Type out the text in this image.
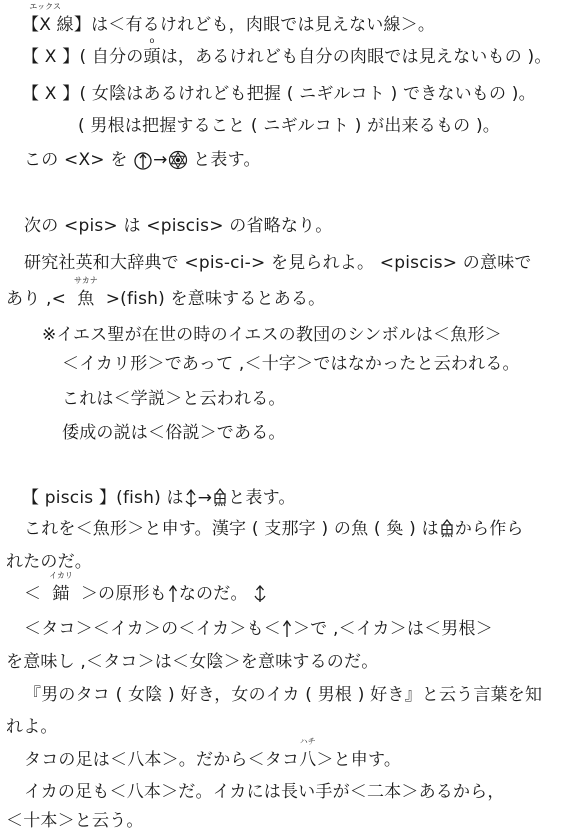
【X
エックス
線】は＜有るけれども，肉眼では見えない線＞。
【 X 】( 自分の頭
o
は，あるけれども自分の肉眼では見えないもの )。
【 X 】( 女陰はあるけれども把握 ( ニギルコト ) できないもの )。
( 男根は把握すること ( ニギルコト ) が出来るもの )。
この <X> を → と表す。
次の <pis> は <piscis> の省略なり。
研究社英和大辞典で <pis-ci-> を見られよ。 <piscis> の意味で
あり ,< 魚
サカナ
>(fish) を意味するとある。
※イエス聖が在世の時のイエスの教団のシンボルは＜魚形＞
＜イカリ形＞であって ,＜十字＞ではなかったと云われる。
これは＜学説＞と云われる。
倭成の説は＜俗説＞である。
【 piscis 】(fish) は → と表す。
これを＜魚形＞と申す。漢字 ( 支那字 ) の魚 ( 奐 ) は から作ら
れたのだ。
＜ 錨
イカリ
＞の原形も なのだ。
＜タコ＞＜イカ＞の＜イカ＞も＜ ＞で ,＜イカ＞は＜男根＞
を意味し ,＜タコ＞は＜女陰＞を意味するのだ。
『男のタコ ( 女陰 ) 好き，女のイカ ( 男根 ) 好き』と云う言葉を知
れよ。
タコの足は＜八本＞。だから＜タコ八
ハチ
＞と申す。
イカの足も＜八本＞だ。イカには長い手が＜二本＞あるから，
＜十本＞と云う。
